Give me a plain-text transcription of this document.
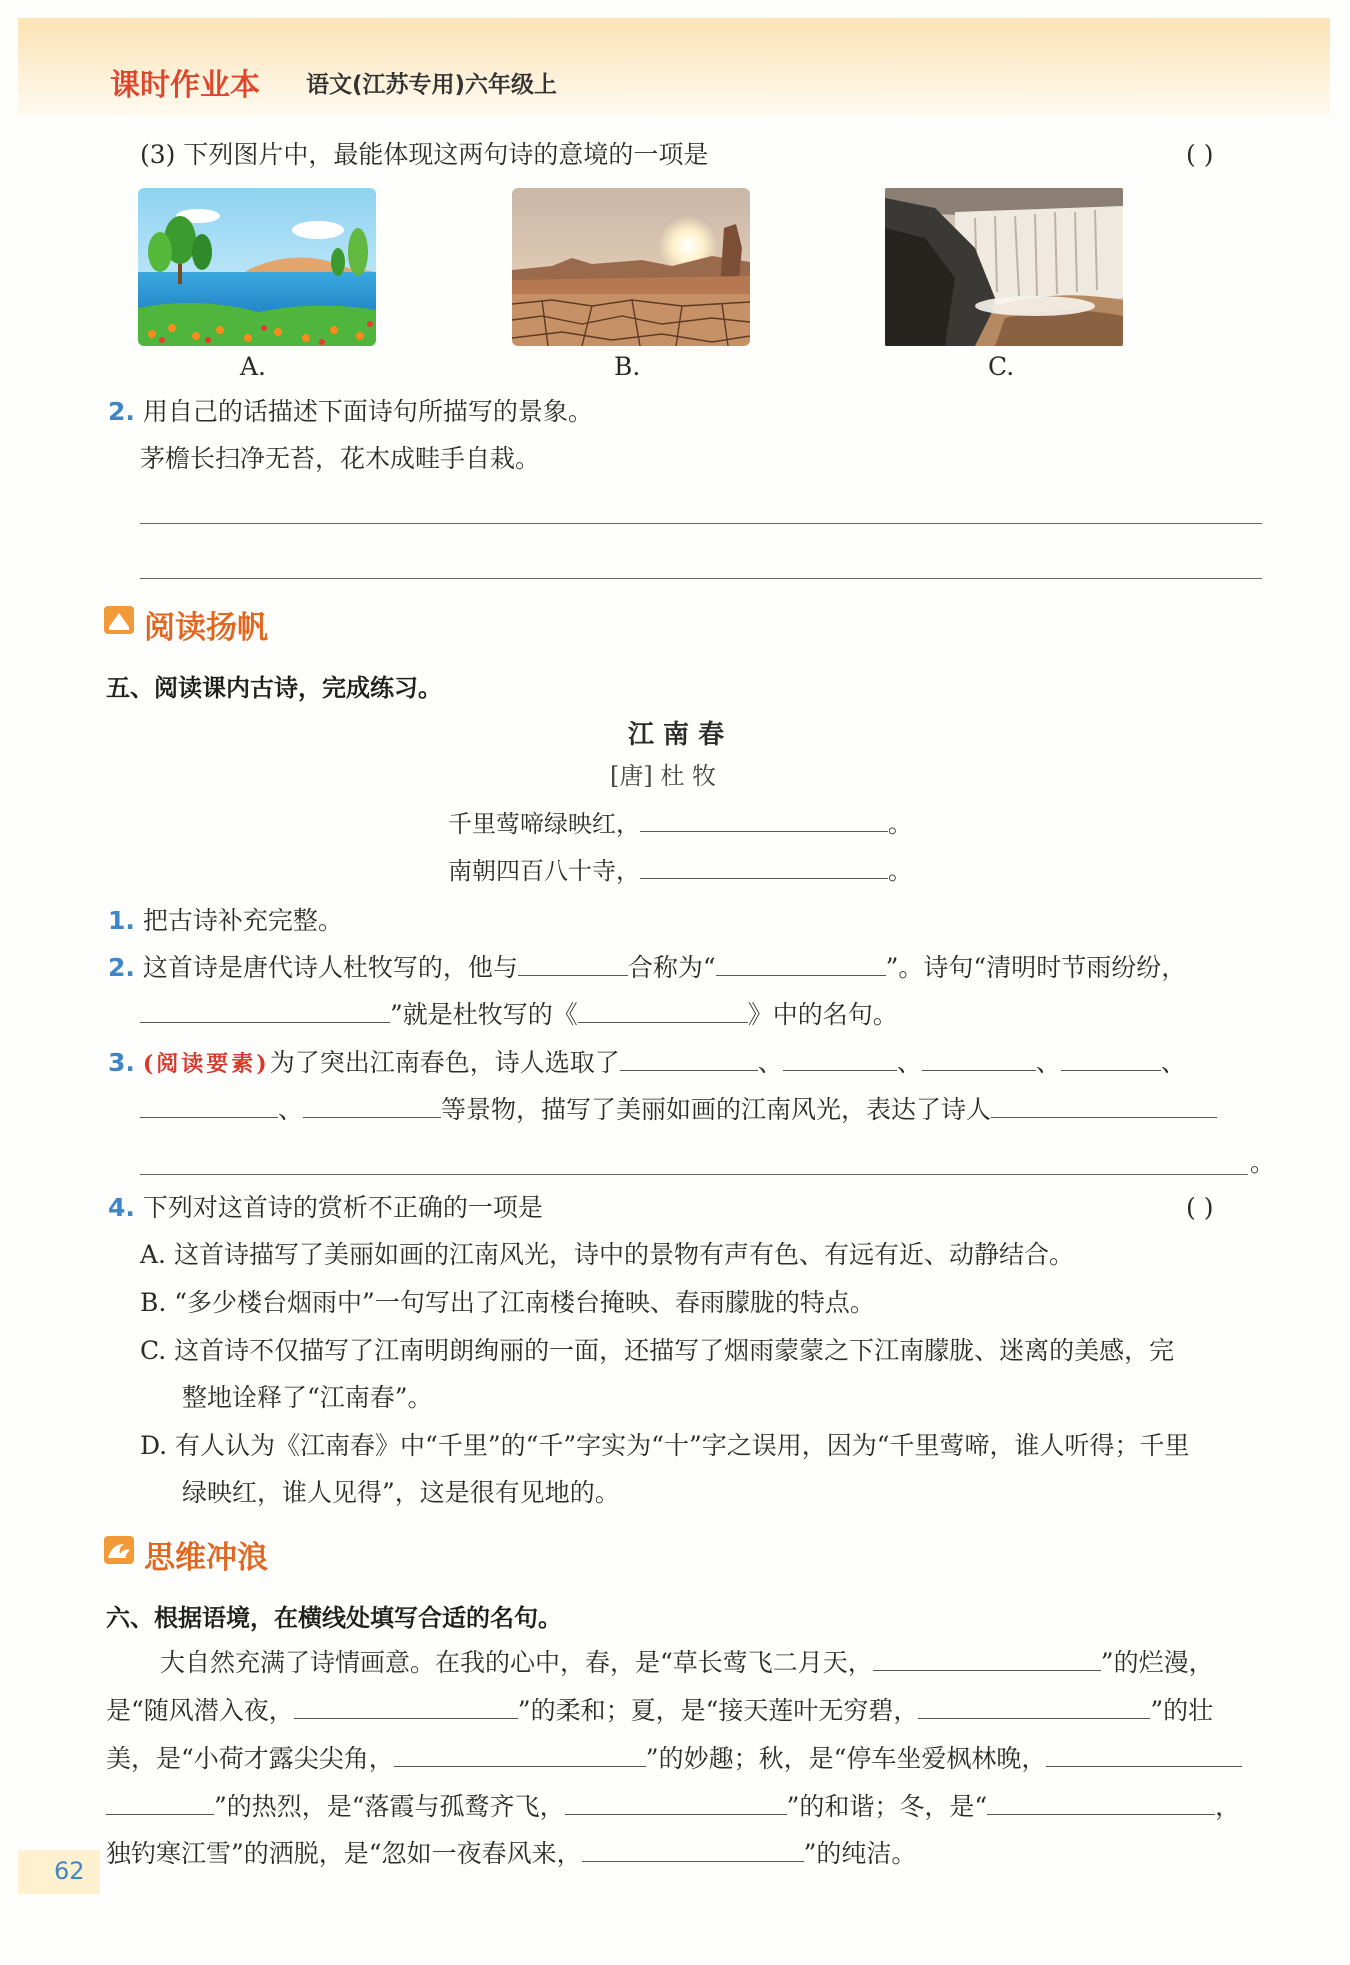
课时作业本 语文(江苏专用)六年级上
(3) 下列图片中，最能体现这两句诗的意境的一项是	( )
A.	B.	C.
2. 用自己的话描述下面诗句所描写的景象。
茅檐长扫净无苔，花木成畦手自栽。
阅读扬帆
五、阅读课内古诗，完成练习。
江 南 春
[唐] 杜 牧
千里莺啼绿映红，	。
南朝四百八十寺，	。
1. 把古诗补充完整。
2. 这首诗是唐代诗人杜牧写的，他与	合称为“	”。诗句“清明时节雨纷纷，
”就是杜牧写的《	》中的名句。
3. (阅读要素)为了突出江南春色，诗人选取了	、	、	、	、
、	等景物，描写了美丽如画的江南风光，表达了诗人
。
4. 下列对这首诗的赏析不正确的一项是	( )
A. 这首诗描写了美丽如画的江南风光，诗中的景物有声有色、有远有近、动静结合。
B. “多少楼台烟雨中”一句写出了江南楼台掩映、春雨朦胧的特点。
C. 这首诗不仅描写了江南明朗绚丽的一面，还描写了烟雨蒙蒙之下江南朦胧、迷离的美感，完
整地诠释了“江南春”。
D. 有人认为《江南春》中“千里”的“千”字实为“十”字之误用，因为“千里莺啼，谁人听得；千里
绿映红，谁人见得”，这是很有见地的。
思维冲浪
六、根据语境，在横线处填写合适的名句。
大自然充满了诗情画意。在我的心中，春，是“草长莺飞二月天，	”的烂漫，
是“随风潜入夜，	”的柔和；夏，是“接天莲叶无穷碧，	”的壮
美，是“小荷才露尖尖角，	”的妙趣；秋，是“停车坐爱枫林晚，
”的热烈，是“落霞与孤鹜齐飞，	”的和谐；冬，是“	，
独钓寒江雪”的洒脱，是“忽如一夜春风来，	”的纯洁。
62
